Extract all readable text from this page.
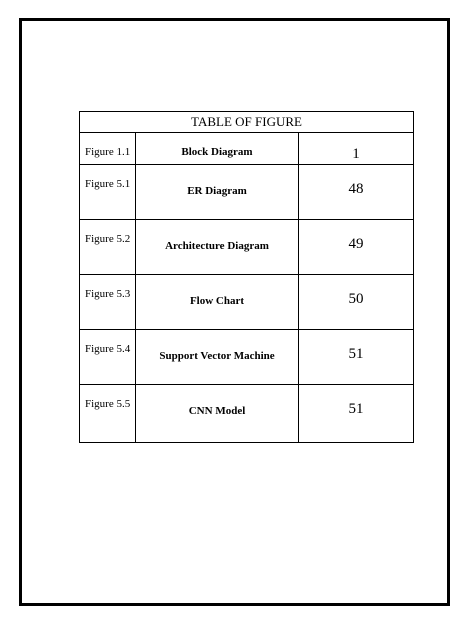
TABLE OF FIGURE		
Figure 1.1	Block Diagram	1
Figure 5.1	ER Diagram	48
Figure 5.2	Architecture Diagram	49
Figure 5.3	Flow Chart	50
Figure 5.4	Support Vector Machine	51
Figure 5.5	CNN Model	51
